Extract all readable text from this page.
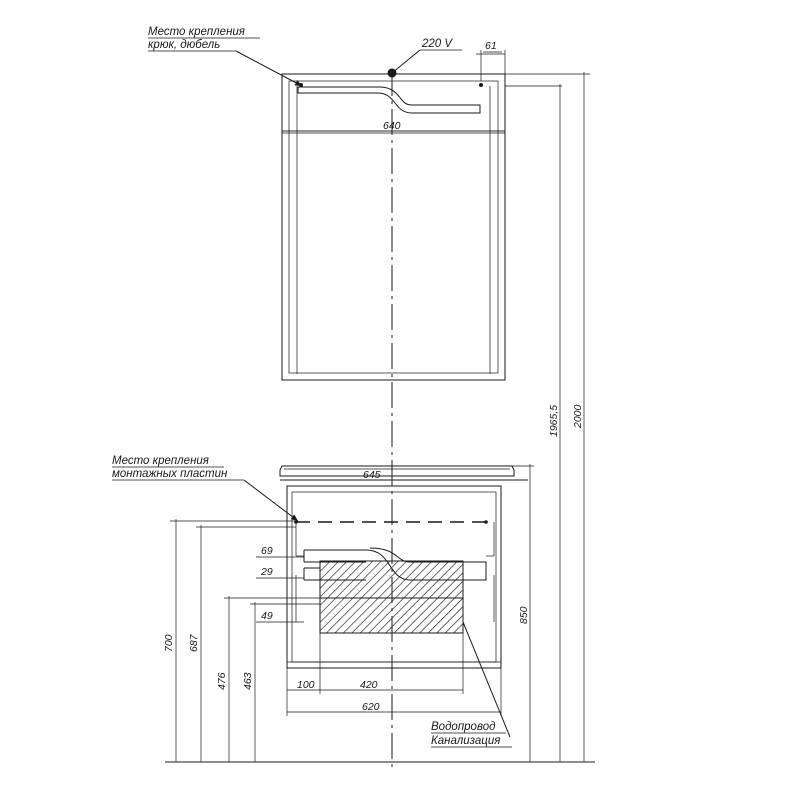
220 V
Место крепления
крюк, дюбель	61
640
1965,5 2000
645
850
Место крепления
монтажных пластин
700 687
69
29
476 463
49
100	420
620
Водопровод
Канализация
